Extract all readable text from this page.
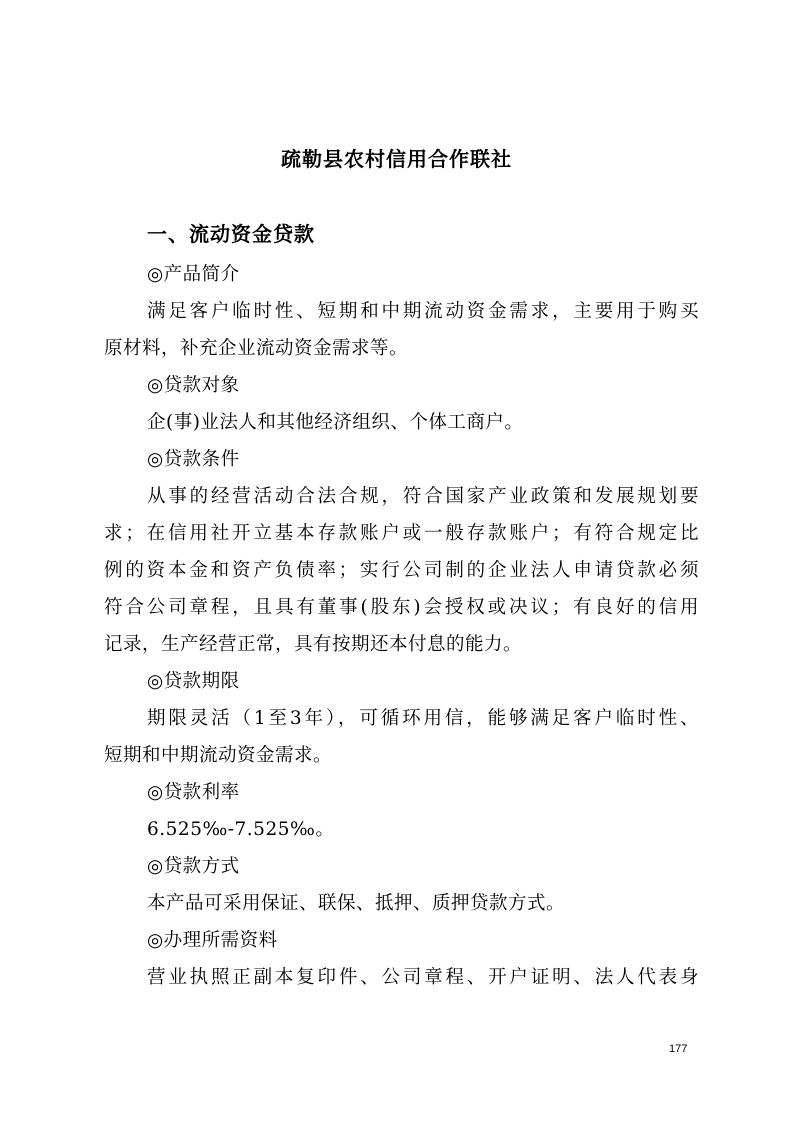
疏勒县农村信用合作联社
一、流动资金贷款
◎产品简介
满足客户临时性、短期和中期流动资金需求，主要用于购买
原材料，补充企业流动资金需求等。
◎贷款对象
企(事)业法人和其他经济组织、个体工商户。
◎贷款条件
从事的经营活动合法合规，符合国家产业政策和发展规划要
求；在信用社开立基本存款账户或一般存款账户；有符合规定比
例的资本金和资产负债率；实行公司制的企业法人申请贷款必须
符合公司章程，且具有董事(股东)会授权或决议；有良好的信用
记录，生产经营正常，具有按期还本付息的能力。
◎贷款期限
期限灵活（1至3年），可循环用信，能够满足客户临时性、
短期和中期流动资金需求。
◎贷款利率
6.525‰-7.525‰。
◎贷款方式
本产品可采用保证、联保、抵押、质押贷款方式。
◎办理所需资料
营业执照正副本复印件、公司章程、开户证明、法人代表身
177
